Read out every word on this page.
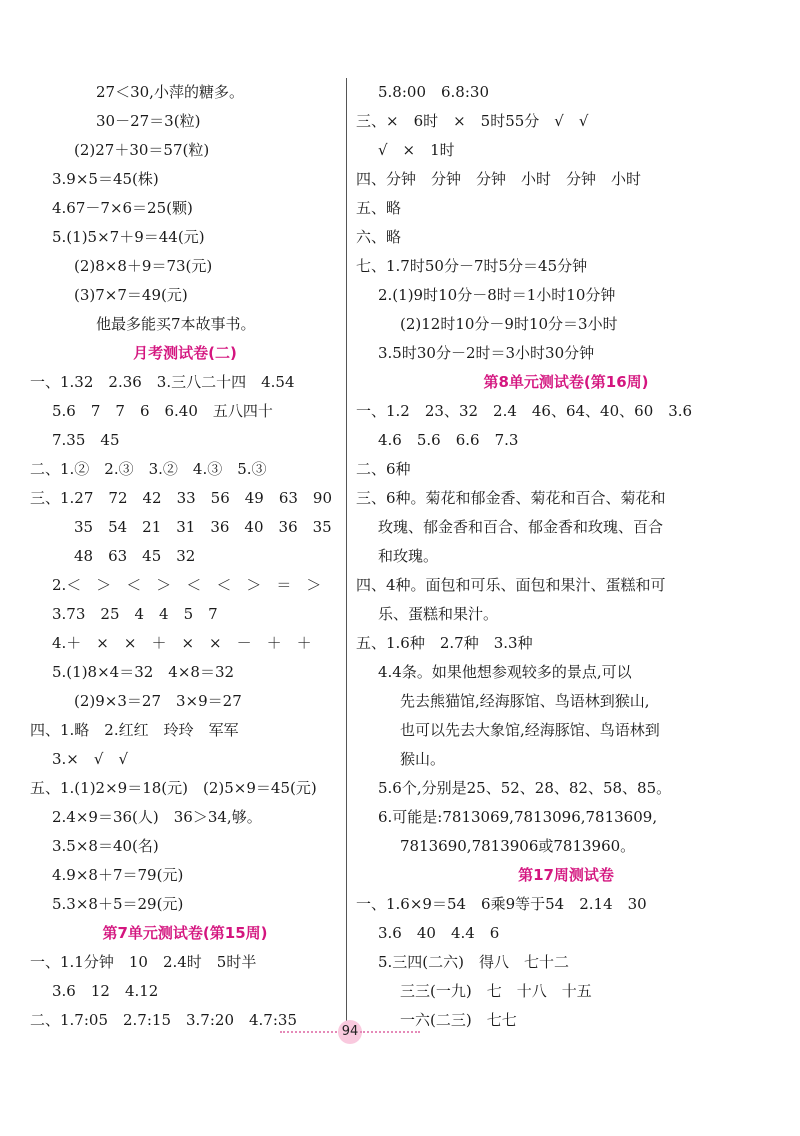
27＜30,小萍的糖多。
30－27＝3(粒)
(2)27＋30＝57(粒)
3.9×5＝45(株)
4.67－7×6＝25(颗)
5.(1)5×7＋9＝44(元)
(2)8×8＋9＝73(元)
(3)7×7＝49(元)
他最多能买7本故事书。
月考测试卷(二)
一、1.32　2.36　3.三八二十四　4.54
5.6　7　7　6　6.40　五八四十
7.35　45
二、1.②　2.③　3.②　4.③　5.③
三、1.27　72　42　33　56　49　63　90
35　54　21　31　36　40　36　35
48　63　45　32
2.＜　＞　＜　＞　＜　＜　＞　＝　＞
3.73　25　4　4　5　7
4.＋　×　×　＋　×　×　－　＋　＋
5.(1)8×4＝32　4×8＝32
(2)9×3＝27　3×9＝27
四、1.略　2.红红　玲玲　军军
3.×　√　√
五、1.(1)2×9＝18(元)　(2)5×9＝45(元)
2.4×9＝36(人)　36＞34,够。
3.5×8＝40(名)
4.9×8＋7＝79(元)
5.3×8＋5＝29(元)
第7单元测试卷(第15周)
一、1.1分钟　10　2.4时　5时半
3.6　12　4.12
二、1.7:05　2.7:15　3.7:20　4.7:35
5.8:00　6.8:30
三、×　6时　×　5时55分　√　√
√　×　1时
四、分钟　分钟　分钟　小时　分钟　小时
五、略
六、略
七、1.7时50分－7时5分＝45分钟
2.(1)9时10分－8时＝1小时10分钟
(2)12时10分－9时10分＝3小时
3.5时30分－2时＝3小时30分钟
第8单元测试卷(第16周)
一、1.2　23、32　2.4　46、64、40、60　3.6
4.6　5.6　6.6　7.3
二、6种
三、6种。菊花和郁金香、菊花和百合、菊花和
玫瑰、郁金香和百合、郁金香和玫瑰、百合
和玫瑰。
四、4种。面包和可乐、面包和果汁、蛋糕和可
乐、蛋糕和果汁。
五、1.6种　2.7种　3.3种
4.4条。如果他想参观较多的景点,可以
先去熊猫馆,经海豚馆、鸟语林到猴山,
也可以先去大象馆,经海豚馆、鸟语林到
猴山。
5.6个,分别是25、52、28、82、58、85。
6.可能是:7813069,7813096,7813609,
7813690,7813906或7813960。
第17周测试卷
一、1.6×9＝54　6乘9等于54　2.14　30
3.6　40　4.4　6
5.三四(二六)　得八　七十二
三三(一九)　七　十八　十五
一六(二三)　七七
94
